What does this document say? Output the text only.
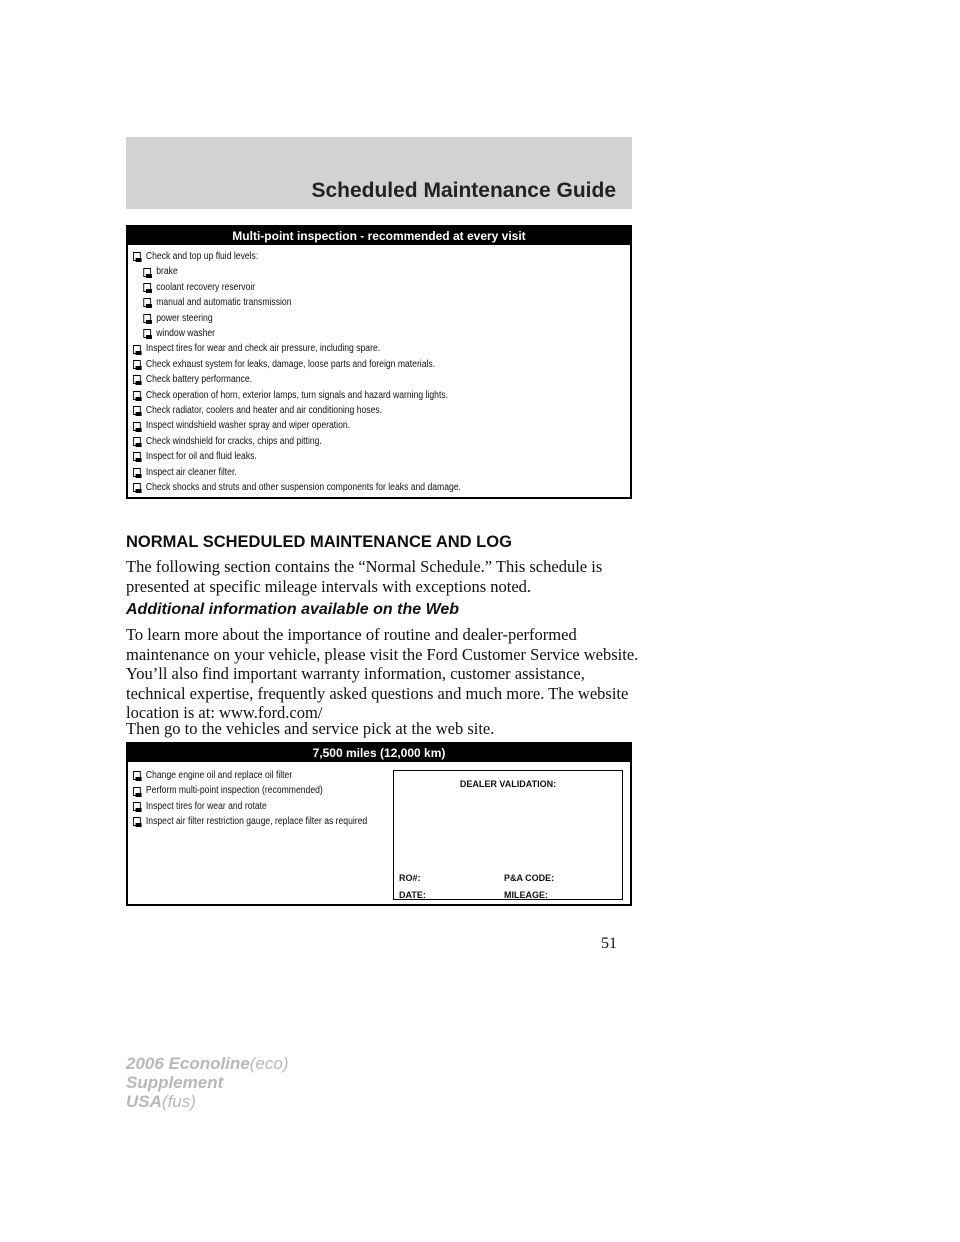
Scheduled Maintenance Guide
Multi-point inspection - recommended at every visit
Check and top up fluid levels:
brake
coolant recovery reservoir
manual and automatic transmission
power steering
window washer
Inspect tires for wear and check air pressure, including spare.
Check exhaust system for leaks, damage, loose parts and foreign materials.
Check battery performance.
Check operation of horn, exterior lamps, turn signals and hazard warning lights.
Check radiator, coolers and heater and air conditioning hoses.
Inspect windshield washer spray and wiper operation.
Check windshield for cracks, chips and pitting.
Inspect for oil and fluid leaks.
Inspect air cleaner filter.
Check shocks and struts and other suspension components for leaks and damage.
NORMAL SCHEDULED MAINTENANCE AND LOG

The following section contains the “Normal Schedule.” This schedule is presented at specific mileage intervals with exceptions noted.

Additional information available on the Web

To learn more about the importance of routine and dealer-performed maintenance on your vehicle, please visit the Ford Customer Service website. You’ll also find important warranty information, customer assistance, technical expertise, frequently asked questions and much more. The website location is at: www.ford.com/

Then go to the vehicles and service pick at the web site.

7,500 miles (12,000 km)
Change engine oil and replace oil filter
Perform multi-point inspection (recommended)
Inspect tires for wear and rotate
Inspect air filter restriction gauge, replace filter as required
DEALER VALIDATION:
RO#:	P&A CODE:
DATE:	MILEAGE:
51
2006 Econoline(eco)
Supplement
USA(fus)
